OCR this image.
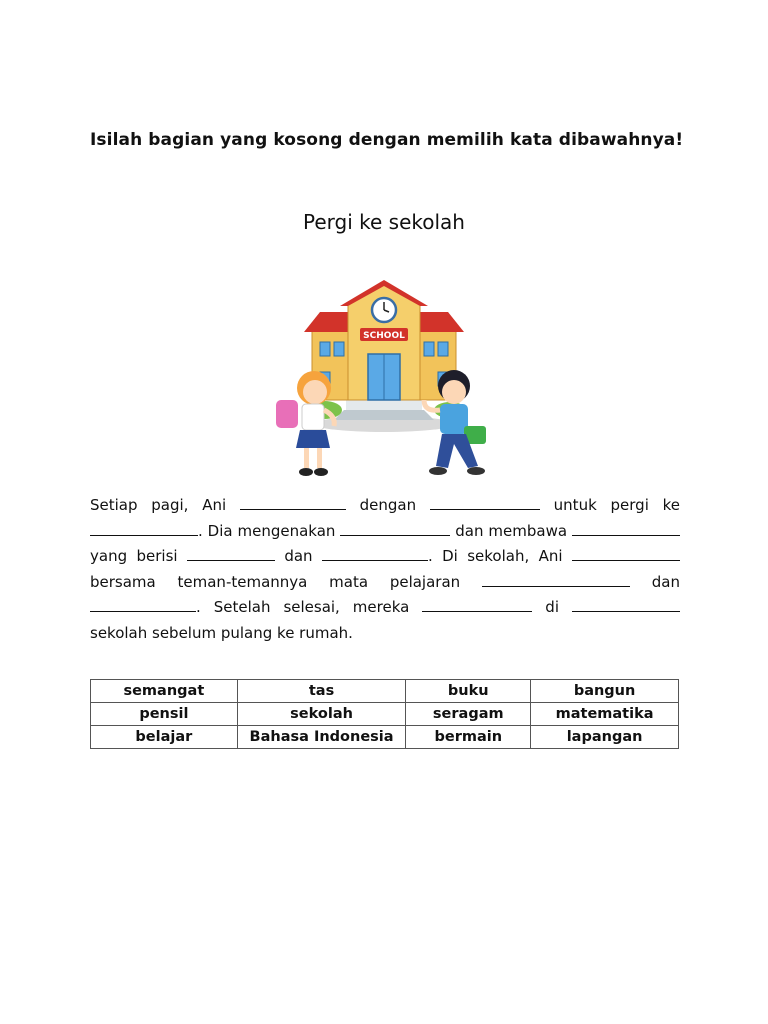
Isilah bagian yang kosong dengan memilih kata dibawahnya!
Pergi ke sekolah
SCHOOL
Setiap pagi, Ani	dengan	untuk pergi ke . Dia mengenakan	dan membawa  yang berisi	dan	. Di sekolah, Ani  bersama teman-temannya mata pelajaran	dan . Setelah selesai, mereka	di  sekolah sebelum pulang ke rumah.
semangat	tas	buku	bangun
pensil	sekolah	seragam	matematika
belajar	Bahasa Indonesia	bermain	lapangan
